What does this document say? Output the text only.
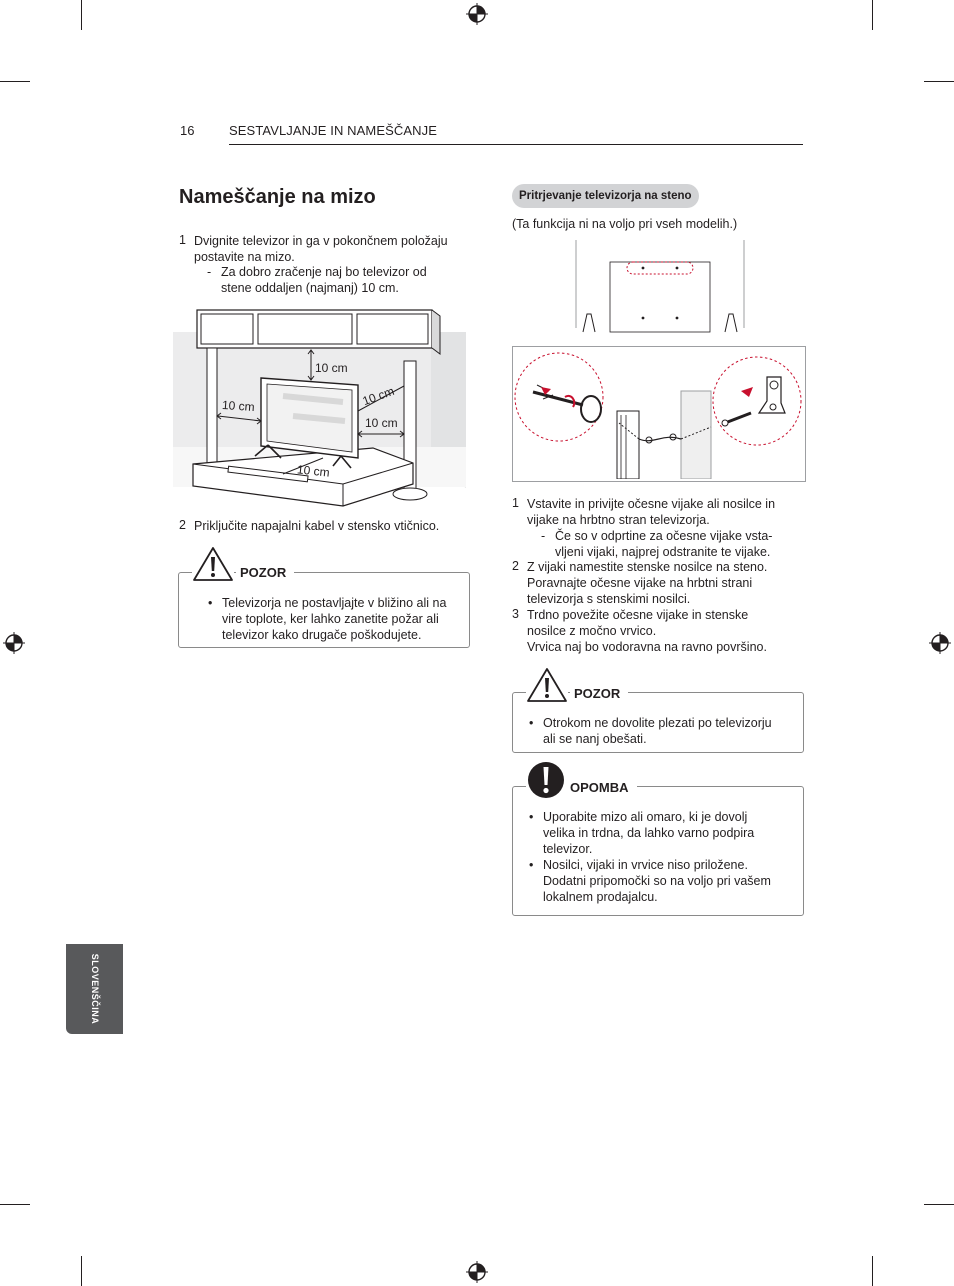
16	SESTAVLJANJE IN NAMEŠČANJE
Nameščanje na mizo
1 Dvignite televizor in ga v pokončnem položaju
postavite na mizo.
- Za dobro zračenje naj bo televizor od
stene oddaljen (najmanj) 10 cm.
10 cm
10 cm	10 cm
10 cm
10 cm
2 Priključite napajalni kabel v stensko vtičnico.
• Televizorja ne postavljajte v bližino ali na
vire toplote, ker lahko zanetite požar ali
televizor kako drugače poškodujete.
POZOR
Pritrjevanje televizorja na steno
(Ta funkcija ni na voljo pri vseh modelih.)
1 Vstavite in privijte očesne vijake ali nosilce in
vijake na hrbtno stran televizorja.
- Če so v odprtine za očesne vijake vsta-
vljeni vijaki, najprej odstranite te vijake.
2 Z vijaki namestite stenske nosilce na steno.
Poravnajte očesne vijake na hrbtni strani
televizorja s stenskimi nosilci.
3 Trdno povežite očesne vijake in stenske
nosilce z močno vrvico.
Vrvica naj bo vodoravna na ravno površino.
• Otrokom ne dovolite plezati po televizorju
ali se nanj obešati.
POZOR
• Uporabite mizo ali omaro, ki je dovolj
velika in trdna, da lahko varno podpira
televizor.
• Nosilci, vijaki in vrvice niso priložene.
Dodatni pripomočki so na voljo pri vašem
lokalnem prodajalcu.
OPOMBA
SLOVENŠČINA
